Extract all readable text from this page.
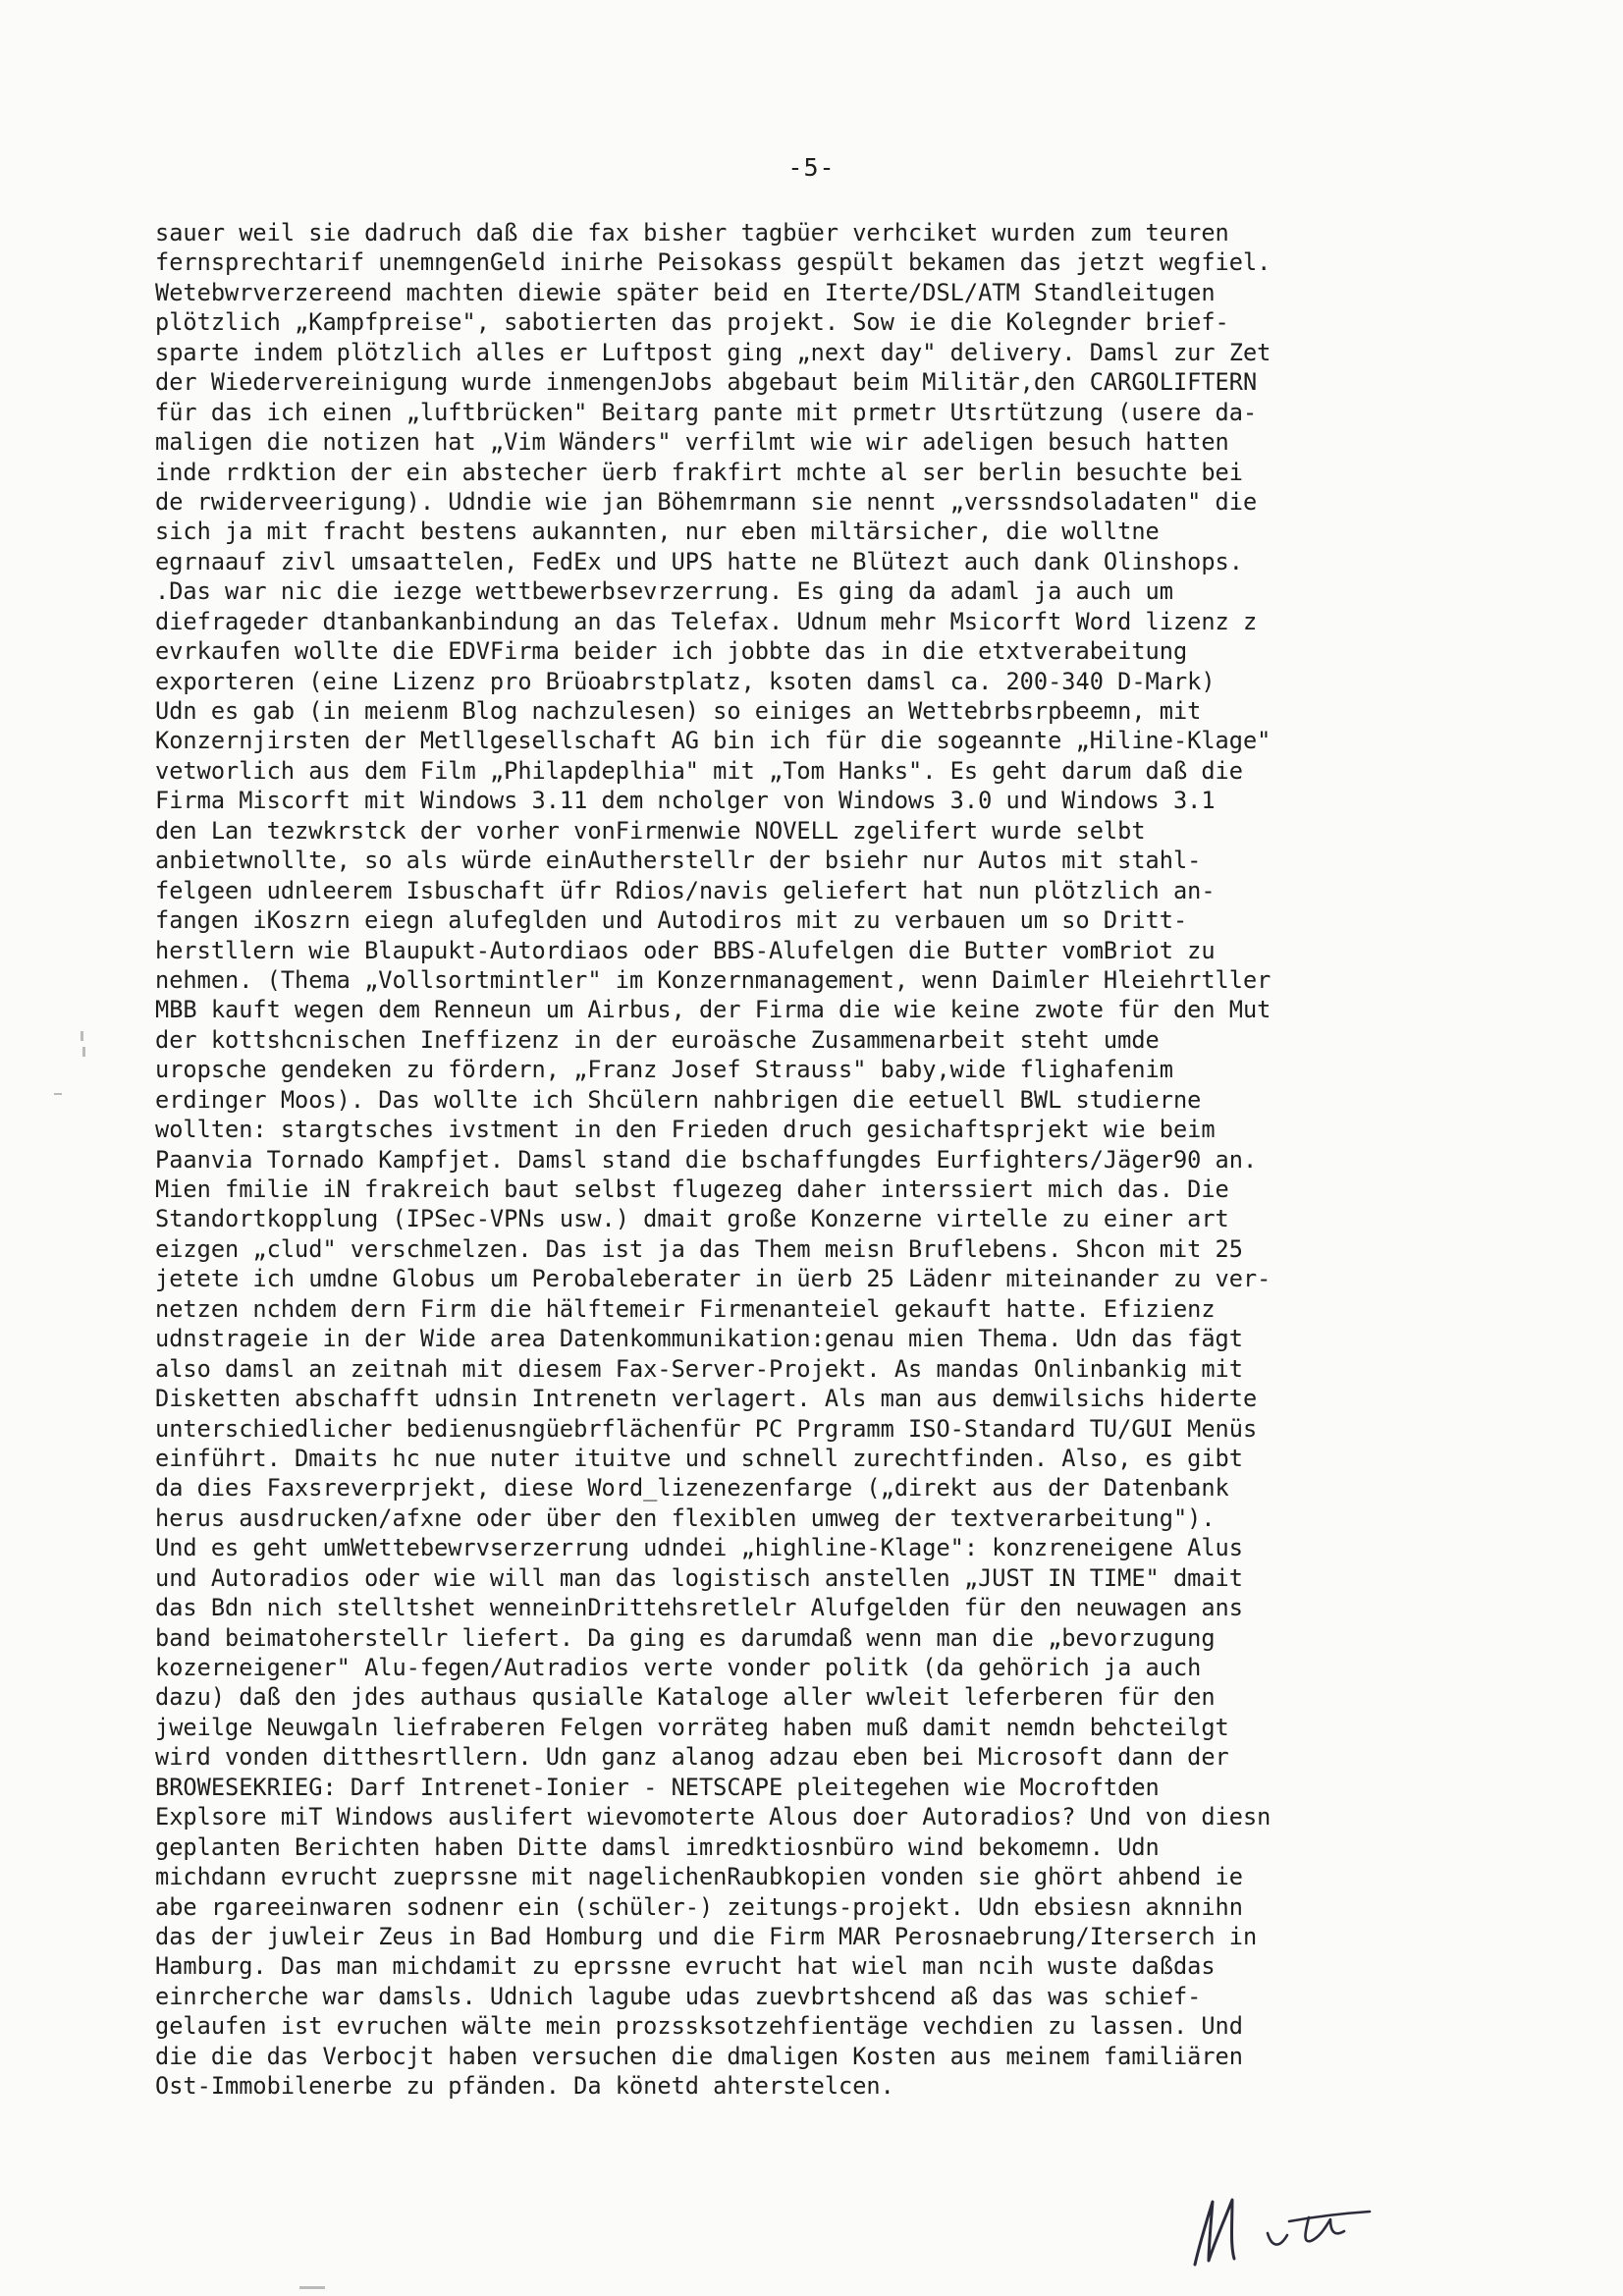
-5-
sauer weil sie dadruch daß die fax bisher tagbüer verhciket wurden zum teuren
fernsprechtarif unemngenGeld inirhe Peisokass gespült bekamen das jetzt wegfiel.
Wetebwrverzereend machten diewie später beid en Iterte/DSL/ATM Standleitugen
plötzlich „Kampfpreise", sabotierten das projekt. Sow ie die Kolegnder brief-
sparte indem plötzlich alles er Luftpost ging „next day" delivery. Damsl zur Zet
der Wiedervereinigung wurde inmengenJobs abgebaut beim Militär,den CARGOLIFTERN
für das ich einen „luftbrücken" Beitarg pante mit prmetr Utsrtützung (usere da-
maligen die notizen hat „Vim Wänders" verfilmt wie wir adeligen besuch hatten
inde rrdktion der ein abstecher üerb frakfirt mchte al ser berlin besuchte bei
de rwiderveerigung). Udndie wie jan Böhemrmann sie nennt „verssndsoladaten" die
sich ja mit fracht bestens aukannten, nur eben miltärsicher, die wolltne
egrnaauf zivl umsaattelen, FedEx und UPS hatte ne Blütezt auch dank Olinshops.
.Das war nic die iezge wettbewerbsevrzerrung. Es ging da adaml ja auch um
diefrageder dtanbankanbindung an das Telefax. Udnum mehr Msicorft Word lizenz z
evrkaufen wollte die EDVFirma beider ich jobbte das in die etxtverabeitung
exporteren (eine Lizenz pro Brüoabrstplatz, ksoten damsl ca. 200-340 D-Mark)
Udn es gab (in meienm Blog nachzulesen) so einiges an Wettebrbsrpbeemn, mit
Konzernjirsten der Metllgesellschaft AG bin ich für die sogeannte „Hiline-Klage"
vetworlich aus dem Film „Philapdeplhia" mit „Tom Hanks". Es geht darum daß die
Firma Miscorft mit Windows 3.11 dem ncholger von Windows 3.0 und Windows 3.1
den Lan tezwkrstck der vorher vonFirmenwie NOVELL zgelifert wurde selbt
anbietwnollte, so als würde einAutherstellr der bsiehr nur Autos mit stahl-
felgeen udnleerem Isbuschaft üfr Rdios/navis geliefert hat nun plötzlich an-
fangen iKoszrn eiegn alufeglden und Autodiros mit zu verbauen um so Dritt-
herstllern wie Blaupukt-Autordiaos oder BBS-Alufelgen die Butter vomBriot zu
nehmen. (Thema „Vollsortmintler" im Konzernmanagement, wenn Daimler Hleiehrtller
MBB kauft wegen dem Renneun um Airbus, der Firma die wie keine zwote für den Mut
der kottshcnischen Ineffizenz in der euroäsche Zusammenarbeit steht umde
uropsche gendeken zu fördern, „Franz Josef Strauss" baby,wide flighafenim
erdinger Moos). Das wollte ich Shcülern nahbrigen die eetuell BWL studierne
wollten: stargtsches ivstment in den Frieden druch gesichaftsprjekt wie beim
Paanvia Tornado Kampfjet. Damsl stand die bschaffungdes Eurfighters/Jäger90 an.
Mien fmilie iN frakreich baut selbst flugezeg daher interssiert mich das. Die
Standortkopplung (IPSec-VPNs usw.) dmait große Konzerne virtelle zu einer art
eizgen „clud" verschmelzen. Das ist ja das Them meisn Bruflebens. Shcon mit 25
jetete ich umdne Globus um Perobaleberater in üerb 25 Lädenr miteinander zu ver-
netzen nchdem dern Firm die hälftemeir Firmenanteiel gekauft hatte. Efizienz
udnstrageie in der Wide area Datenkommunikation:genau mien Thema. Udn das fägt
also damsl an zeitnah mit diesem Fax-Server-Projekt. As mandas Onlinbankig mit
Disketten abschafft udnsin Intrenetn verlagert. Als man aus demwilsichs hiderte
unterschiedlicher bedienusngüebrflächenfür PC Prgramm ISO-Standard TU/GUI Menüs
einführt. Dmaits hc nue nuter ituitve und schnell zurechtfinden. Also, es gibt
da dies Faxsreverprjekt, diese Word_lizenezenfarge („direkt aus der Datenbank
herus ausdrucken/afxne oder über den flexiblen umweg der textverarbeitung").
Und es geht umWettebewrvserzerrung udndei „highline-Klage": konzreneigene Alus
und Autoradios oder wie will man das logistisch anstellen „JUST IN TIME" dmait
das Bdn nich stelltshet wenneinDrittehsretlelr Alufgelden für den neuwagen ans
band beimatoherstellr liefert. Da ging es darumdaß wenn man die „bevorzugung
kozerneigener" Alu-fegen/Autradios verte vonder politk (da gehörich ja auch
dazu) daß den jdes authaus qusialle Kataloge aller wwleit leferberen für den
jweilge Neuwgaln liefraberen Felgen vorräteg haben muß damit nemdn behcteilgt
wird vonden ditthesrtllern. Udn ganz alanog adzau eben bei Microsoft dann der
BROWESEKRIEG: Darf Intrenet-Ionier - NETSCAPE pleitegehen wie Mocroftden
Explsore miT Windows auslifert wievomoterte Alous doer Autoradios? Und von diesn
geplanten Berichten haben Ditte damsl imredktiosnbüro wind bekomemn. Udn
michdann evrucht zueprssne mit nagelichenRaubkopien vonden sie ghört ahbend ie
abe rgareeinwaren sodnenr ein (schüler-) zeitungs-projekt. Udn ebsiesn aknnihn
das der juwleir Zeus in Bad Homburg und die Firm MAR Perosnaebrung/Iterserch in
Hamburg. Das man michdamit zu eprssne evrucht hat wiel man ncih wuste daßdas
einrcherche war damsls. Udnich lagube udas zuevbrtshcend aß das was schief-
gelaufen ist evruchen wälte mein prozssksotzehfientäge vechdien zu lassen. Und
die die das Verbocjt haben versuchen die dmaligen Kosten aus meinem familiären
Ost-Immobilenerbe zu pfänden. Da könetd ahterstelcen.
